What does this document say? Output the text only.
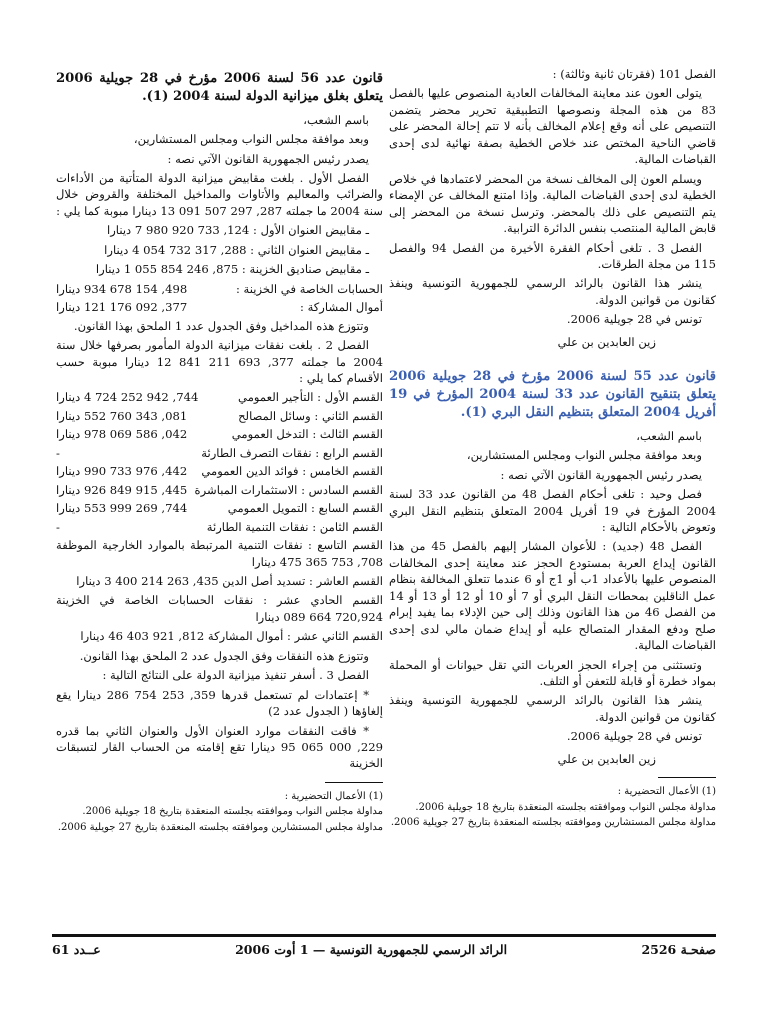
الفصل 101 (فقرتان ثانية وثالثة) :

يتولى العون عند معاينة المخالفات العادية المنصوص عليها بالفصل 83 من هذه المجلة ونصوصها التطبيقية تحرير محضر يتضمن التنصيص على أنه وقع إعلام المخالف بأنه لا تتم إحالة المحضر على قاضي الناحية المختص عند خلاص الخطية بصفة نهائية لدى إحدى القباضات المالية.

ويسلم العون إلى المخالف نسخة من المحضر لاعتمادها في خلاص الخطية لدى إحدى القباضات المالية. وإذا امتنع المخالف عن الإمضاء يتم التنصيص على ذلك بالمحضر. وترسل نسخة من المحضر إلى قابض المالية المنتصب بنفس الدائرة الترابية.

الفصل 3 . تلغى أحكام الفقرة الأخيرة من الفصل 94 والفصل 115 من مجلة الطرقات.

ينشر هذا القانون بالرائد الرسمي للجمهورية التونسية وينفذ كقانون من قوانين الدولة.

تونس في 28 جويلية 2006.

زين العابدين بن علي

قانون عدد 55 لسنة 2006 مؤرخ في 28 جويلية 2006 يتعلق بتنقيح القانون عدد 33 لسنة 2004 المؤرخ في 19 أفريل 2004 المتعلق بتنظيم النقل البري (1).

باسم الشعب،

وبعد موافقة مجلس النواب ومجلس المستشارين،

يصدر رئيس الجمهورية القانون الآتي نصه :

فصل وحيد : تلغى أحكام الفصل 48 من القانون عدد 33 لسنة 2004 المؤرخ في 19 أفريل 2004 المتعلق بتنظيم النقل البري وتعوض بالأحكام التالية :

الفصل 48 (جديد) : للأعوان المشار إليهم بالفصل 45 من هذا القانون إيداع العربة بمستودع الحجز عند معاينة إحدى المخالفات المنصوص عليها بالأعداد 1ب أو 1ج أو 6 عندما تتعلق المخالفة بنظام عمل الناقلين بمحطات النقل البري أو 7 أو 10 أو 12 أو 13 أو 14 من الفصل 46 من هذا القانون وذلك إلى حين الإدلاء بما يفيد إبرام صلح ودفع المقدار المتصالح عليه أو إيداع ضمان مالي لدى إحدى القباضات المالية.

وتستثنى من إجراء الحجز العربات التي تقل حيوانات أو المحملة بمواد خطرة أو قابلة للتعفن أو التلف.

ينشر هذا القانون بالرائد الرسمي للجمهورية التونسية وينفذ كقانون من قوانين الدولة.

تونس في 28 جويلية 2006.

زين العابدين بن علي

(1) الأعمال التحضيرية :

مداولة مجلس النواب وموافقته بجلسته المنعقدة بتاريخ 18 جويلية 2006.

مداولة مجلس المستشارين وموافقته بجلسته المنعقدة بتاريخ 27 جويلية 2006.

قانون عدد 56 لسنة 2006 مؤرخ في 28 جويلية 2006 يتعلق بغلق ميزانية الدولة لسنة 2004 (1).

باسم الشعب،

وبعد موافقة مجلس النواب ومجلس المستشارين،

يصدر رئيس الجمهورية القانون الآتي نصه :

الفصل الأول . بلغت مقابيض ميزانية الدولة المتأتية من الأداءات والضرائب والمعاليم والأتاوات والمداخيل المختلفة والقروض خلال سنة 2004 ما جملته 287, 297 507 091 13 دينارا مبوبة كما يلي :

ـ مقابيض العنوان الأول : 124, 733 920 980 7 دينارا

ـ مقابيض العنوان الثاني : 288, 317 732 054 4 دينارا

ـ مقابيض صناديق الخزينة : 875, 246 854 055 1 دينارا

الحسابات الخاصة في الخزينة :
498, 154 678 934 دينارا
أموال المشاركة :
377, 092 176 121 دينارا

وتتوزع هذه المداخيل وفق الجدول عدد 1 الملحق بهذا القانون.

الفصل 2 . بلغت نفقات ميزانية الدولة المأمور بصرفها خلال سنة 2004 ما جملته 377, 693 211 841 12 دينارا مبوبة حسب الأقسام كما يلي :

القسم الأول : التأجير العمومي
744, 942 252 724 4 دينارا
القسم الثاني : وسائل المصالح
081, 343 760 552 دينارا
القسم الثالث : التدخل العمومي
042, 586 069 978 دينارا
القسم الرابع : نفقات التصرف الطارئة
-
القسم الخامس : فوائد الدين العمومي
442, 976 733 990 دينارا
القسم السادس : الاستثمارات المباشرة
445, 915 849 926 دينارا
القسم السابع : التمويل العمومي
744, 269 999 553 دينارا
القسم الثامن : نفقات التنمية الطارئة
-

القسم التاسع : نفقات التنمية المرتبطة بالموارد الخارجية الموظفة 708, 753 365 475 دينارا

القسم العاشر : تسديد أصل الدين 435, 263 214 400 3 دينارا

القسم الحادي عشر : نفقات الحسابات الخاصة في الخزينة 720,924 664 089 دينارا

القسم الثاني عشر : أموال المشاركة 812, 921 403 46 دينارا

وتتوزع هذه النفقات وفق الجدول عدد 2 الملحق بهذا القانون.

الفصل 3 . أسفر تنفيذ ميزانية الدولة على النتائج التالية :

* إعتمادات لم تستعمل قدرها 359, 253 754 286 دينارا يقع إلغاؤها ( الجدول عدد 2)

* فاقت النفقات موارد العنوان الأول والعنوان الثاني بما قدره 229, 000 065 95 دينارا تقع إقامته من الحساب القار لتسبقات الخزينة

(1) الأعمال التحضيرية :

مداولة مجلس النواب وموافقته بجلسته المنعقدة بتاريخ 18 جويلية 2006.

مداولة مجلس المستشارين وموافقته بجلسته المنعقدة بتاريخ 27 جويلية 2006.

صفحـة 2526
الرائد الرسمي للجمهورية التونسية — 1 أوت 2006
عــدد 61
